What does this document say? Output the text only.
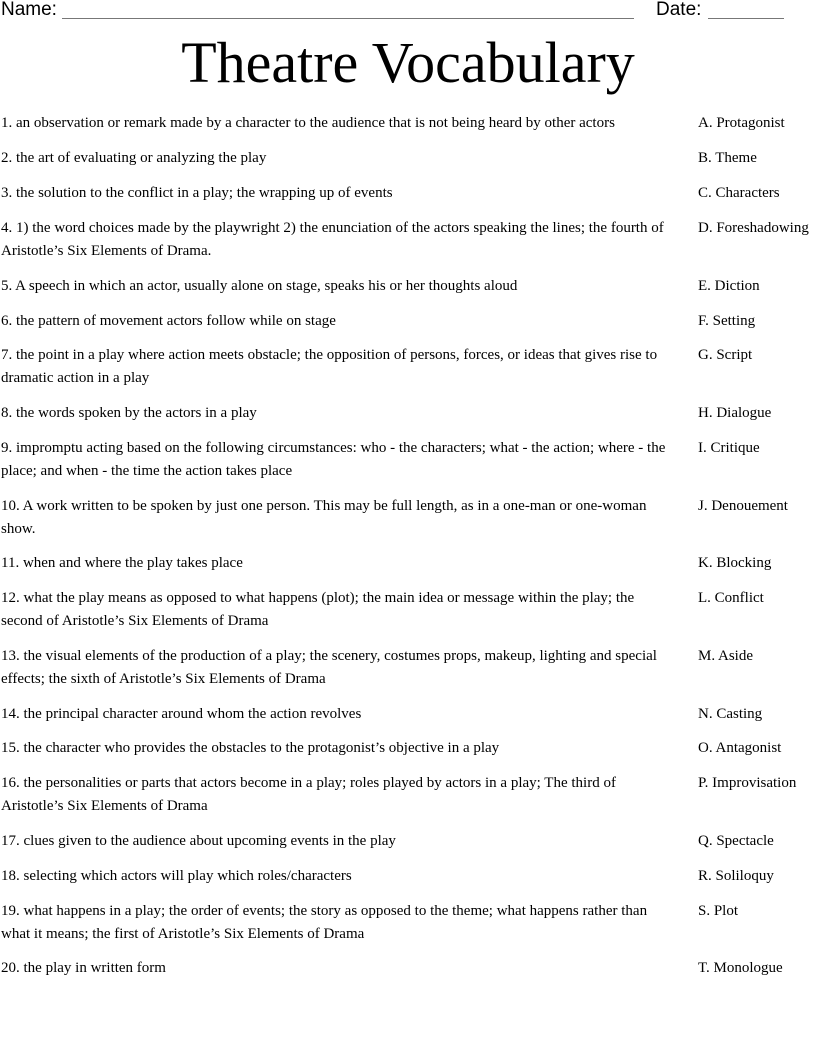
Name:	Date:
Theatre Vocabulary
1. an observation or remark made by a character to the audience that is not being heard by other actors	A. Protagonist
2. the art of evaluating or analyzing the play	B. Theme
3. the solution to the conflict in a play; the wrapping up of events	C. Characters
4. 1) the word choices made by the playwright 2) the enunciation of the actors speaking the lines; the fourth of Aristotle’s Six Elements of Drama.
D. Foreshadowing
5. A speech in which an actor, usually alone on stage, speaks his or her thoughts aloud	E. Diction
6. the pattern of movement actors follow while on stage	F. Setting
7. the point in a play where action meets obstacle; the opposition of persons, forces, or ideas that gives rise to dramatic action in a play
G. Script
8. the words spoken by the actors in a play	H. Dialogue
9. impromptu acting based on the following circumstances: who - the characters; what - the action; where - the place; and when - the time the action takes place
I. Critique
10. A work written to be spoken by just one person. This may be full length, as in a one-man or one-woman show.
J. Denouement
11. when and where the play takes place	K. Blocking
12. what the play means as opposed to what happens (plot); the main idea or message within the play; the second of Aristotle’s Six Elements of Drama
L. Conflict
13. the visual elements of the production of a play; the scenery, costumes props, makeup, lighting and special effects; the sixth of Aristotle’s Six Elements of Drama
M. Aside
14. the principal character around whom the action revolves	N. Casting
15. the character who provides the obstacles to the protagonist’s objective in a play	O. Antagonist
16. the personalities or parts that actors become in a play; roles played by actors in a play; The third of Aristotle’s Six Elements of Drama
P. Improvisation
17. clues given to the audience about upcoming events in the play	Q. Spectacle
18. selecting which actors will play which roles/characters	R. Soliloquy
19. what happens in a play; the order of events; the story as opposed to the theme; what happens rather than what it means; the first of Aristotle’s Six Elements of Drama
S. Plot
20. the play in written form	T. Monologue
